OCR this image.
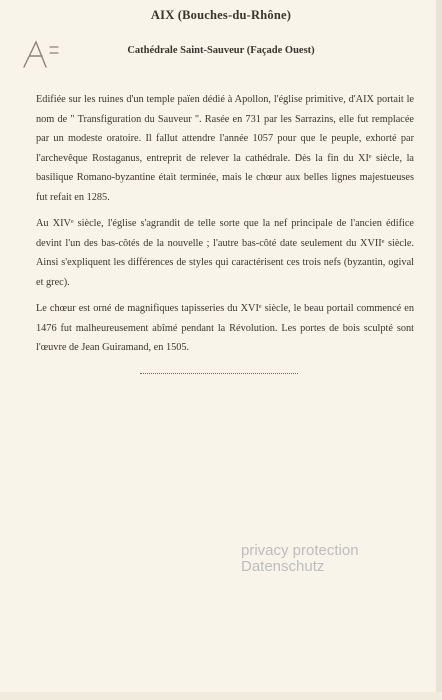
AIX (Bouches-du-Rhône)
Cathédrale Saint-Sauveur (Façade Ouest)

Edifiée sur les ruines d'un temple païen dédié à Apollon, l'église primitive, d'AIX portait le nom de " Transfiguration du Sauveur ". Rasée en 731 par les Sarrazins, elle fut remplacée par un modeste oratoire. Il fallut attendre l'année 1057 pour que le peuple, exhorté par l'archevêque Rostaganus, entreprit de relever la cathédrale. Dès la fin du XIᵉ siècle, la basilique Romano-byzantine était terminée, mais le chœur aux belles lignes majestueuses fut refait en 1285.

Au XIVᵉ siècle, l'église s'agrandit de telle sorte que la nef principale de l'ancien édifice devint l'un des bas-côtés de la nouvelle ; l'autre bas-côté date seulement du XVIIᵉ siècle. Ainsi s'expliquent les différences de styles qui caractérisent ces trois nefs (byzantin, ogival et grec).

Le chœur est orné de magnifiques tapisseries du XVIᵉ siècle, le beau portail commencé en 1476 fut malheureusement abîmé pendant la Révolution. Les portes de bois sculpté sont l'œuvre de Jean Guiramand, en 1505.

privacy protection
Datenschutz
